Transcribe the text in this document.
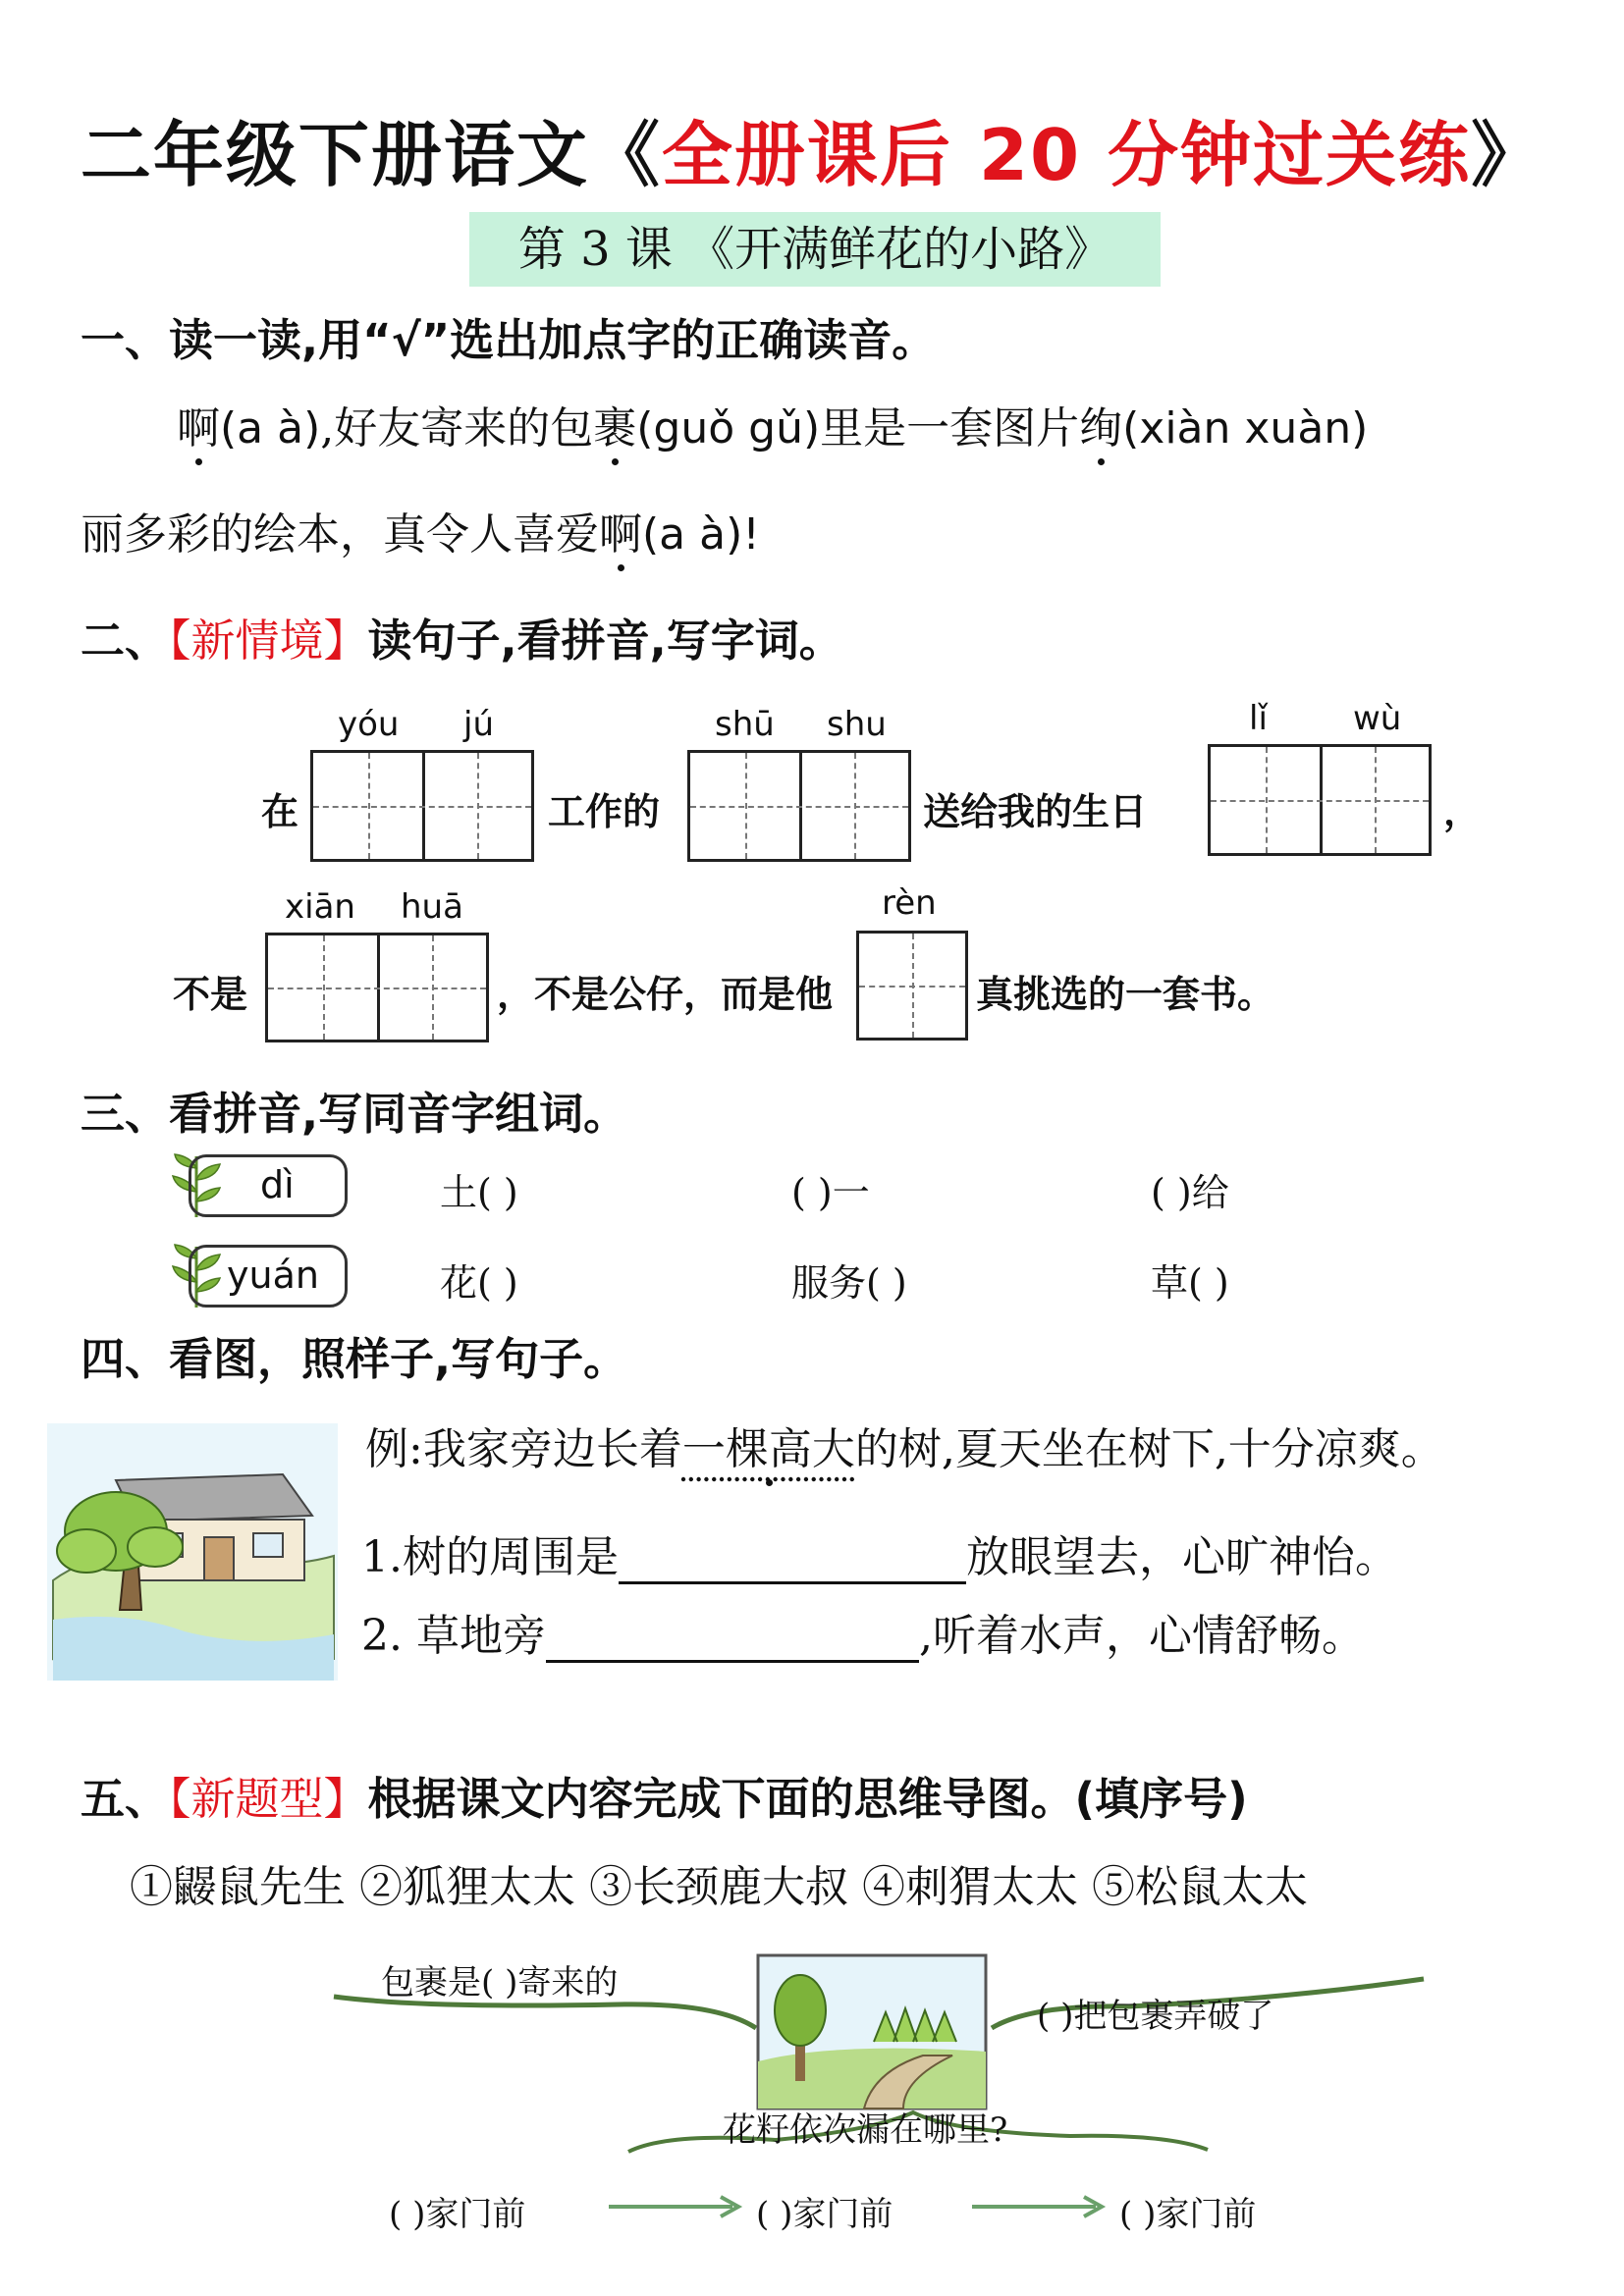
二年级下册语文《全册课后 20 分钟过关练》
第 3 课 《开满鲜花的小路》
一、读一读,用“√”选出加点字的正确读音。
啊(a à),好友寄来的包裹(guǒ gǔ)里是一套图片绚(xiàn xuàn)
丽多彩的绘本，真令人喜爱啊(a à)!
二、【新情境】读句子,看拼音,写字词。
yóu jú	shū shu	lǐ	wù
在	工作的	送给我的生日	，
xiān huā	rèn
不是	，不是公仔，而是他	真挑选的一套书。
三、看拼音,写同音字组词。
dì	土( )	( )一	( )给
yuán	花( )	服务( )	草( )
四、看图，照样子,写句子。
例:我家旁边长着一棵高大的树,夏天坐在树下,十分凉爽。
1.树的周围是	放眼望去，心旷神怡。
2. 草地旁	,听着水声，心情舒畅。
五、【新题型】根据课文内容完成下面的思维导图。(填序号)
①鼹鼠先生 ②狐狸太太 ③长颈鹿大叔 ④刺猬太太 ⑤松鼠太太
包裹是( )寄来的
( )把包裹弄破了
花籽依次漏在哪里?
( )家门前	( )家门前	( )家门前
